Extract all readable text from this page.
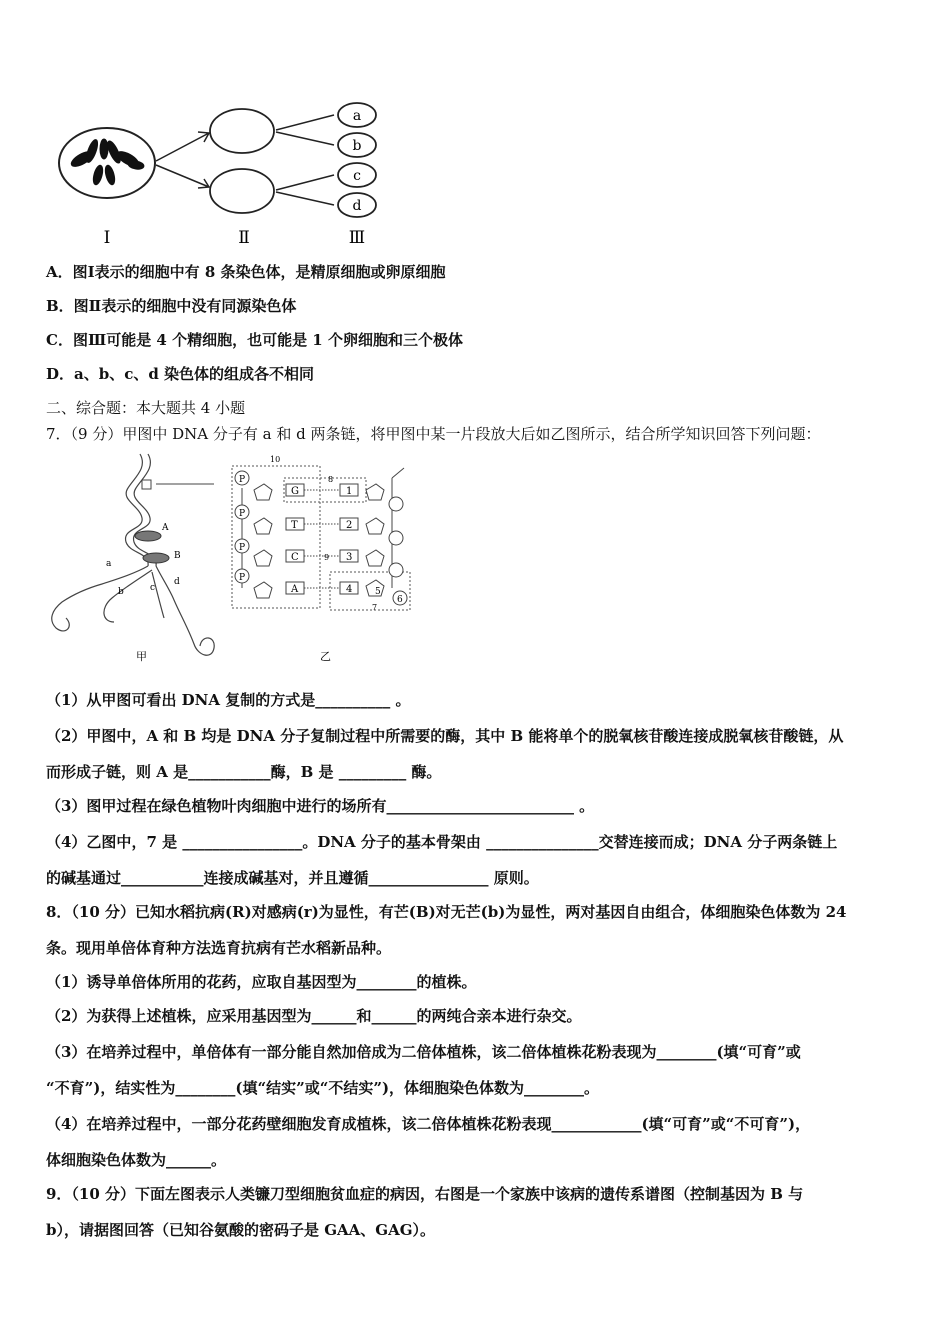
a
b
c
d
Ⅰ	Ⅱ	Ⅲ
A．图Ⅰ表示的细胞中有 8 条染色体，是精原细胞或卵原细胞
B．图Ⅱ表示的细胞中没有同源染色体
C．图Ⅲ可能是 4 个精细胞，也可能是 1 个卵细胞和三个极体
D．a、b、c、d 染色体的组成各不相同
二、综合题：本大题共 4 小题
7．（9 分）甲图中 DNA 分子有 a 和 d 两条链，将甲图中某一片段放大后如乙图所示，结合所学知识回答下列问题：
A
B
a
b	c
d
甲
10
8
7
P
P
P
P
G
T
C
A
9
1
2
3
4	5
6
乙
（1）从甲图可看出 DNA 复制的方式是__________ 。
（2）甲图中，A 和 B 均是 DNA 分子复制过程中所需要的酶，其中 B 能将单个的脱氧核苷酸连接成脱氧核苷酸链，从
而形成子链，则 A 是___________酶，B 是 _________ 酶。
（3）图甲过程在绿色植物叶肉细胞中进行的场所有_________________________ 。
（4）乙图中，7 是 ________________。DNA 分子的基本骨架由 _______________交替连接而成；DNA 分子两条链上
的碱基通过___________连接成碱基对，并且遵循________________ 原则。
8．（10 分）已知水稻抗病(R)对感病(r)为显性，有芒(B)对无芒(b)为显性，两对基因自由组合，体细胞染色体数为 24
条。现用单倍体育种方法选育抗病有芒水稻新品种。
（1）诱导单倍体所用的花药，应取自基因型为________的植株。
（2）为获得上述植株，应采用基因型为______和______的两纯合亲本进行杂交。
（3）在培养过程中，单倍体有一部分能自然加倍成为二倍体植株，该二倍体植株花粉表现为________(填“可育”或
“不育”)，结实性为________(填“结实”或“不结实”)，体细胞染色体数为________。
（4）在培养过程中，一部分花药壁细胞发育成植株，该二倍体植株花粉表现____________(填“可育”或“不可育”)，
体细胞染色体数为______。
9．（10 分）下面左图表示人类镰刀型细胞贫血症的病因，右图是一个家族中该病的遗传系谱图（控制基因为 B 与
b），请据图回答（已知谷氨酸的密码子是 GAA、GAG）。
